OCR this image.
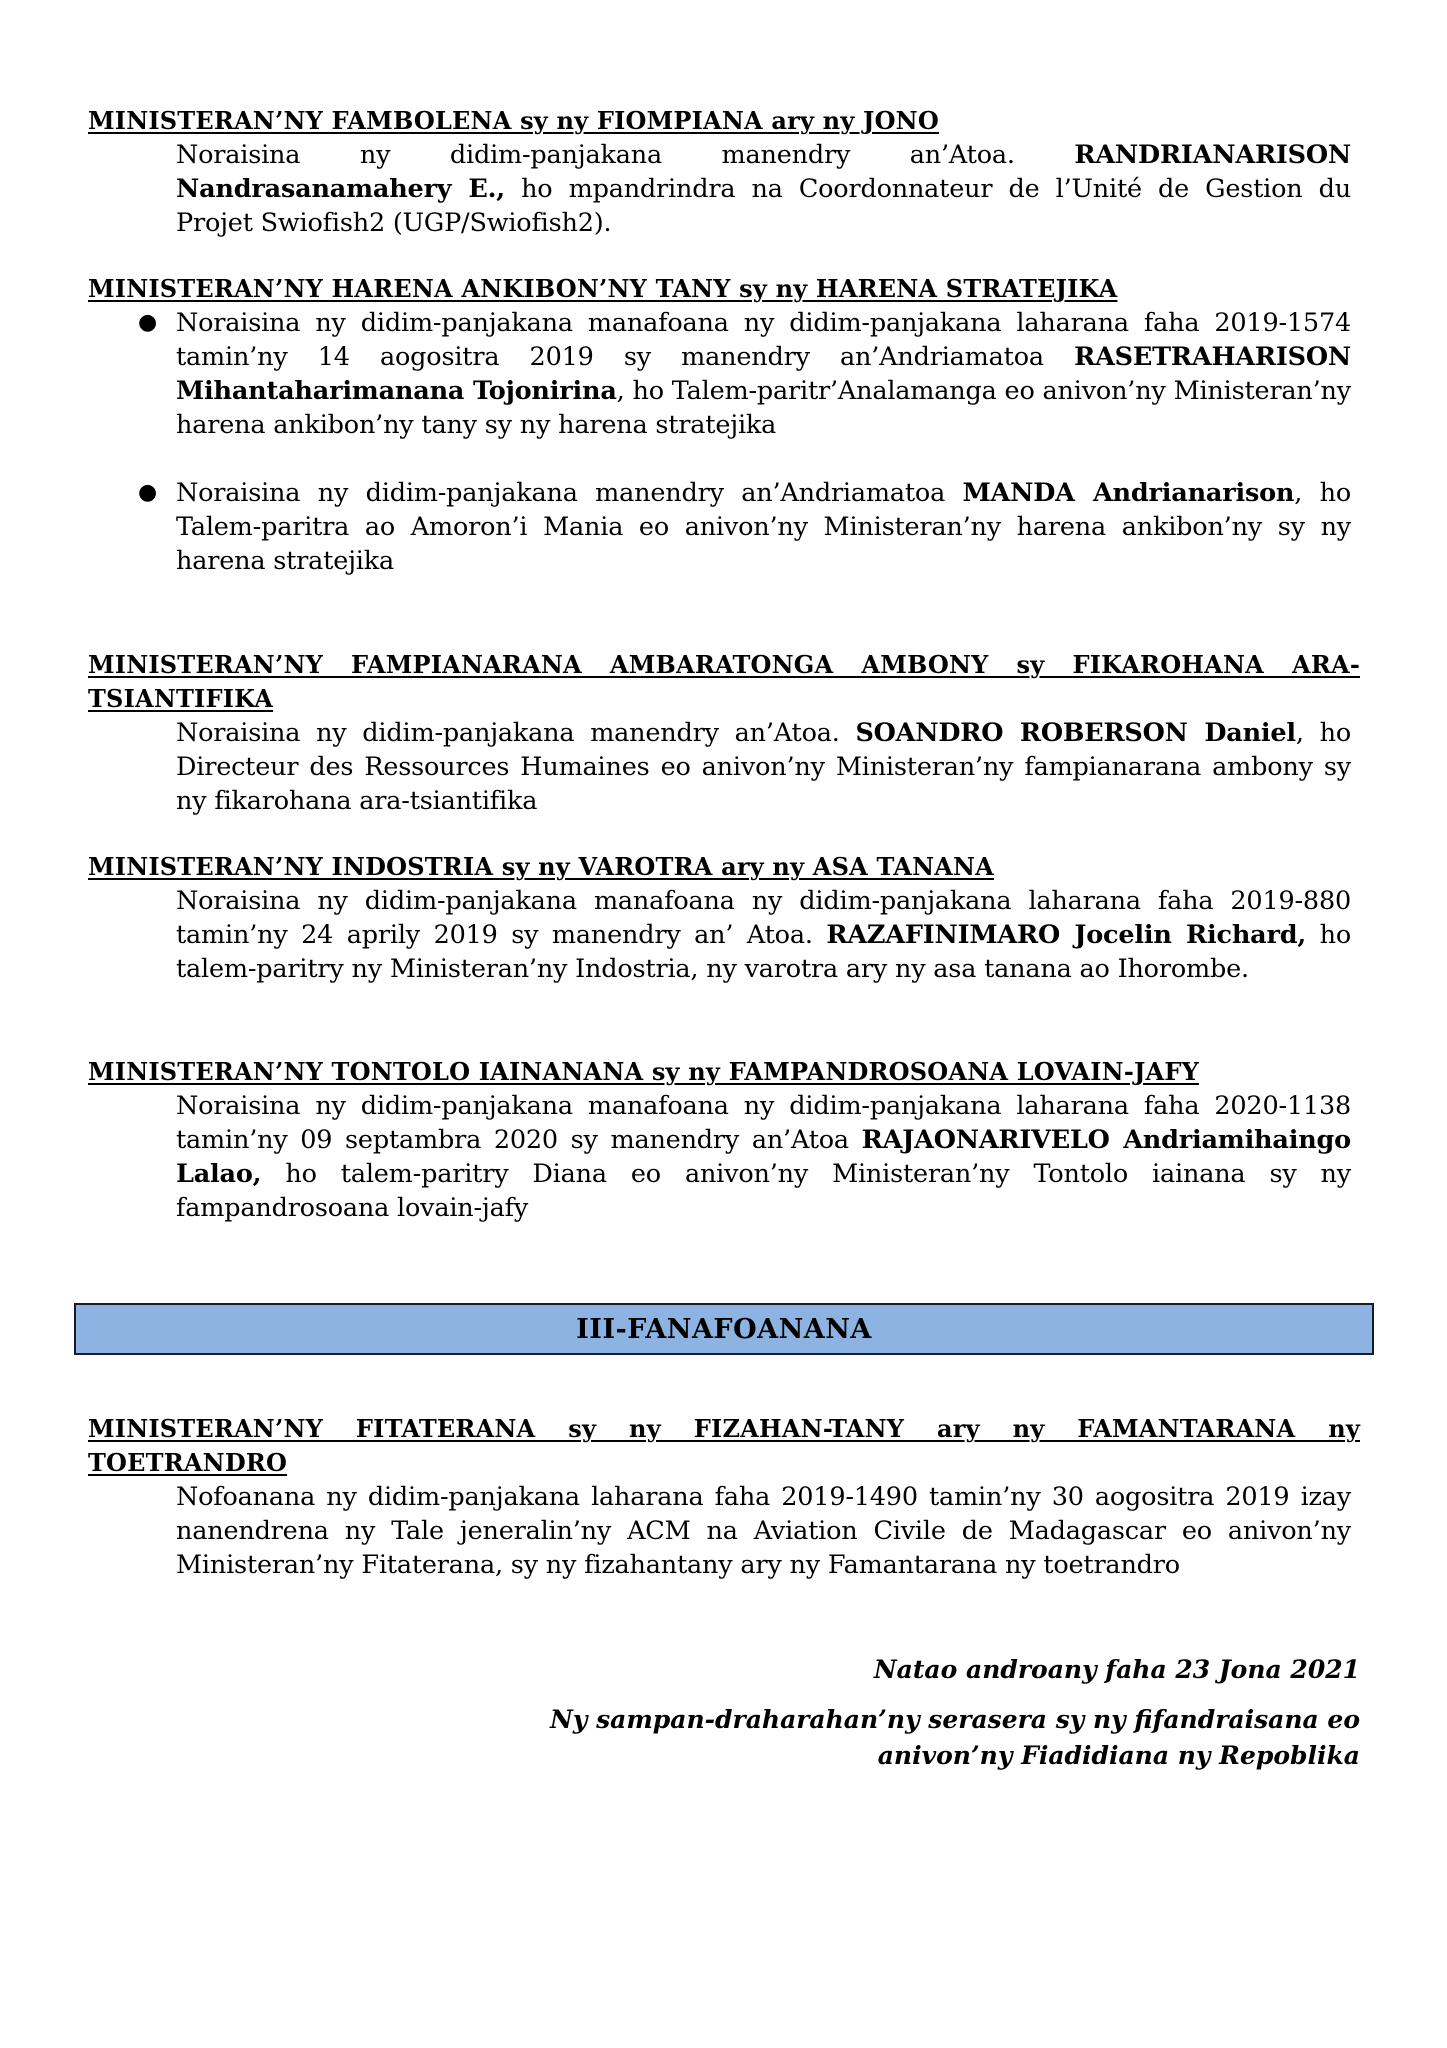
MINISTERAN’NY FAMBOLENA sy ny FIOMPIANA ary ny JONO

Noraisina ny didim-panjakana manendry an’Atoa. RANDRIANARISON Nandrasanamahery E., ho mpandrindra na Coordonnateur de l’Unité de Gestion du Projet Swiofish2 (UGP/Swiofish2).

MINISTERAN’NY HARENA ANKIBON’NY TANY sy ny HARENA STRATEJIKA

● Noraisina ny didim-panjakana manafoana ny didim-panjakana laharana faha 2019-1574 tamin’ny 14 aogositra 2019 sy manendry an’Andriamatoa RASETRAHARISON Mihantaharimanana Tojonirina, ho Talem-paritr’Analamanga eo anivon’ny Ministeran’ny harena ankibon’ny tany sy ny harena stratejika
● Noraisina ny didim-panjakana manendry an’Andriamatoa MANDA Andrianarison, ho Talem-paritra ao Amoron’i Mania eo anivon’ny Ministeran’ny harena ankibon’ny sy ny harena stratejika

MINISTERAN’NY FAMPIANARANA AMBARATONGA AMBONY sy FIKAROHANA ARA-TSIANTIFIKA

Noraisina ny didim-panjakana manendry an’Atoa. SOANDRO ROBERSON Daniel, ho Directeur des Ressources Humaines eo anivon’ny Ministeran’ny fampianarana ambony sy ny fikarohana ara-tsiantifika

MINISTERAN’NY INDOSTRIA sy ny VAROTRA ary ny ASA TANANA

Noraisina ny didim-panjakana manafoana ny didim-panjakana laharana faha 2019-880 tamin’ny 24 aprily 2019 sy manendry an’ Atoa. RAZAFINIMARO Jocelin Richard, ho talem-paritry ny Ministeran’ny Indostria, ny varotra ary ny asa tanana ao Ihorombe.

MINISTERAN’NY TONTOLO IAINANANA sy ny FAMPANDROSOANA LOVAIN-JAFY

Noraisina ny didim-panjakana manafoana ny didim-panjakana laharana faha 2020-1138 tamin’ny 09 septambra 2020 sy manendry an’Atoa RAJAONARIVELO Andriamihaingo Lalao, ho talem-paritry Diana eo anivon’ny Ministeran’ny Tontolo iainana sy ny fampandrosoana lovain-jafy

III-FANAFOANANA

MINISTERAN’NY FITATERANA sy ny FIZAHAN-TANY ary ny FAMANTARANA ny TOETRANDRO

Nofoanana ny didim-panjakana laharana faha 2019-1490 tamin’ny 30 aogositra 2019 izay nanendrena ny Tale jeneralin’ny ACM na Aviation Civile de Madagascar eo anivon’ny Ministeran’ny Fitaterana, sy ny fizahantany ary ny Famantarana ny toetrandro

Natao androany faha 23 Jona 2021
Ny sampan-draharahan’ny serasera sy ny fifandraisana eo
anivon’ny Fiadidiana ny Repoblika
